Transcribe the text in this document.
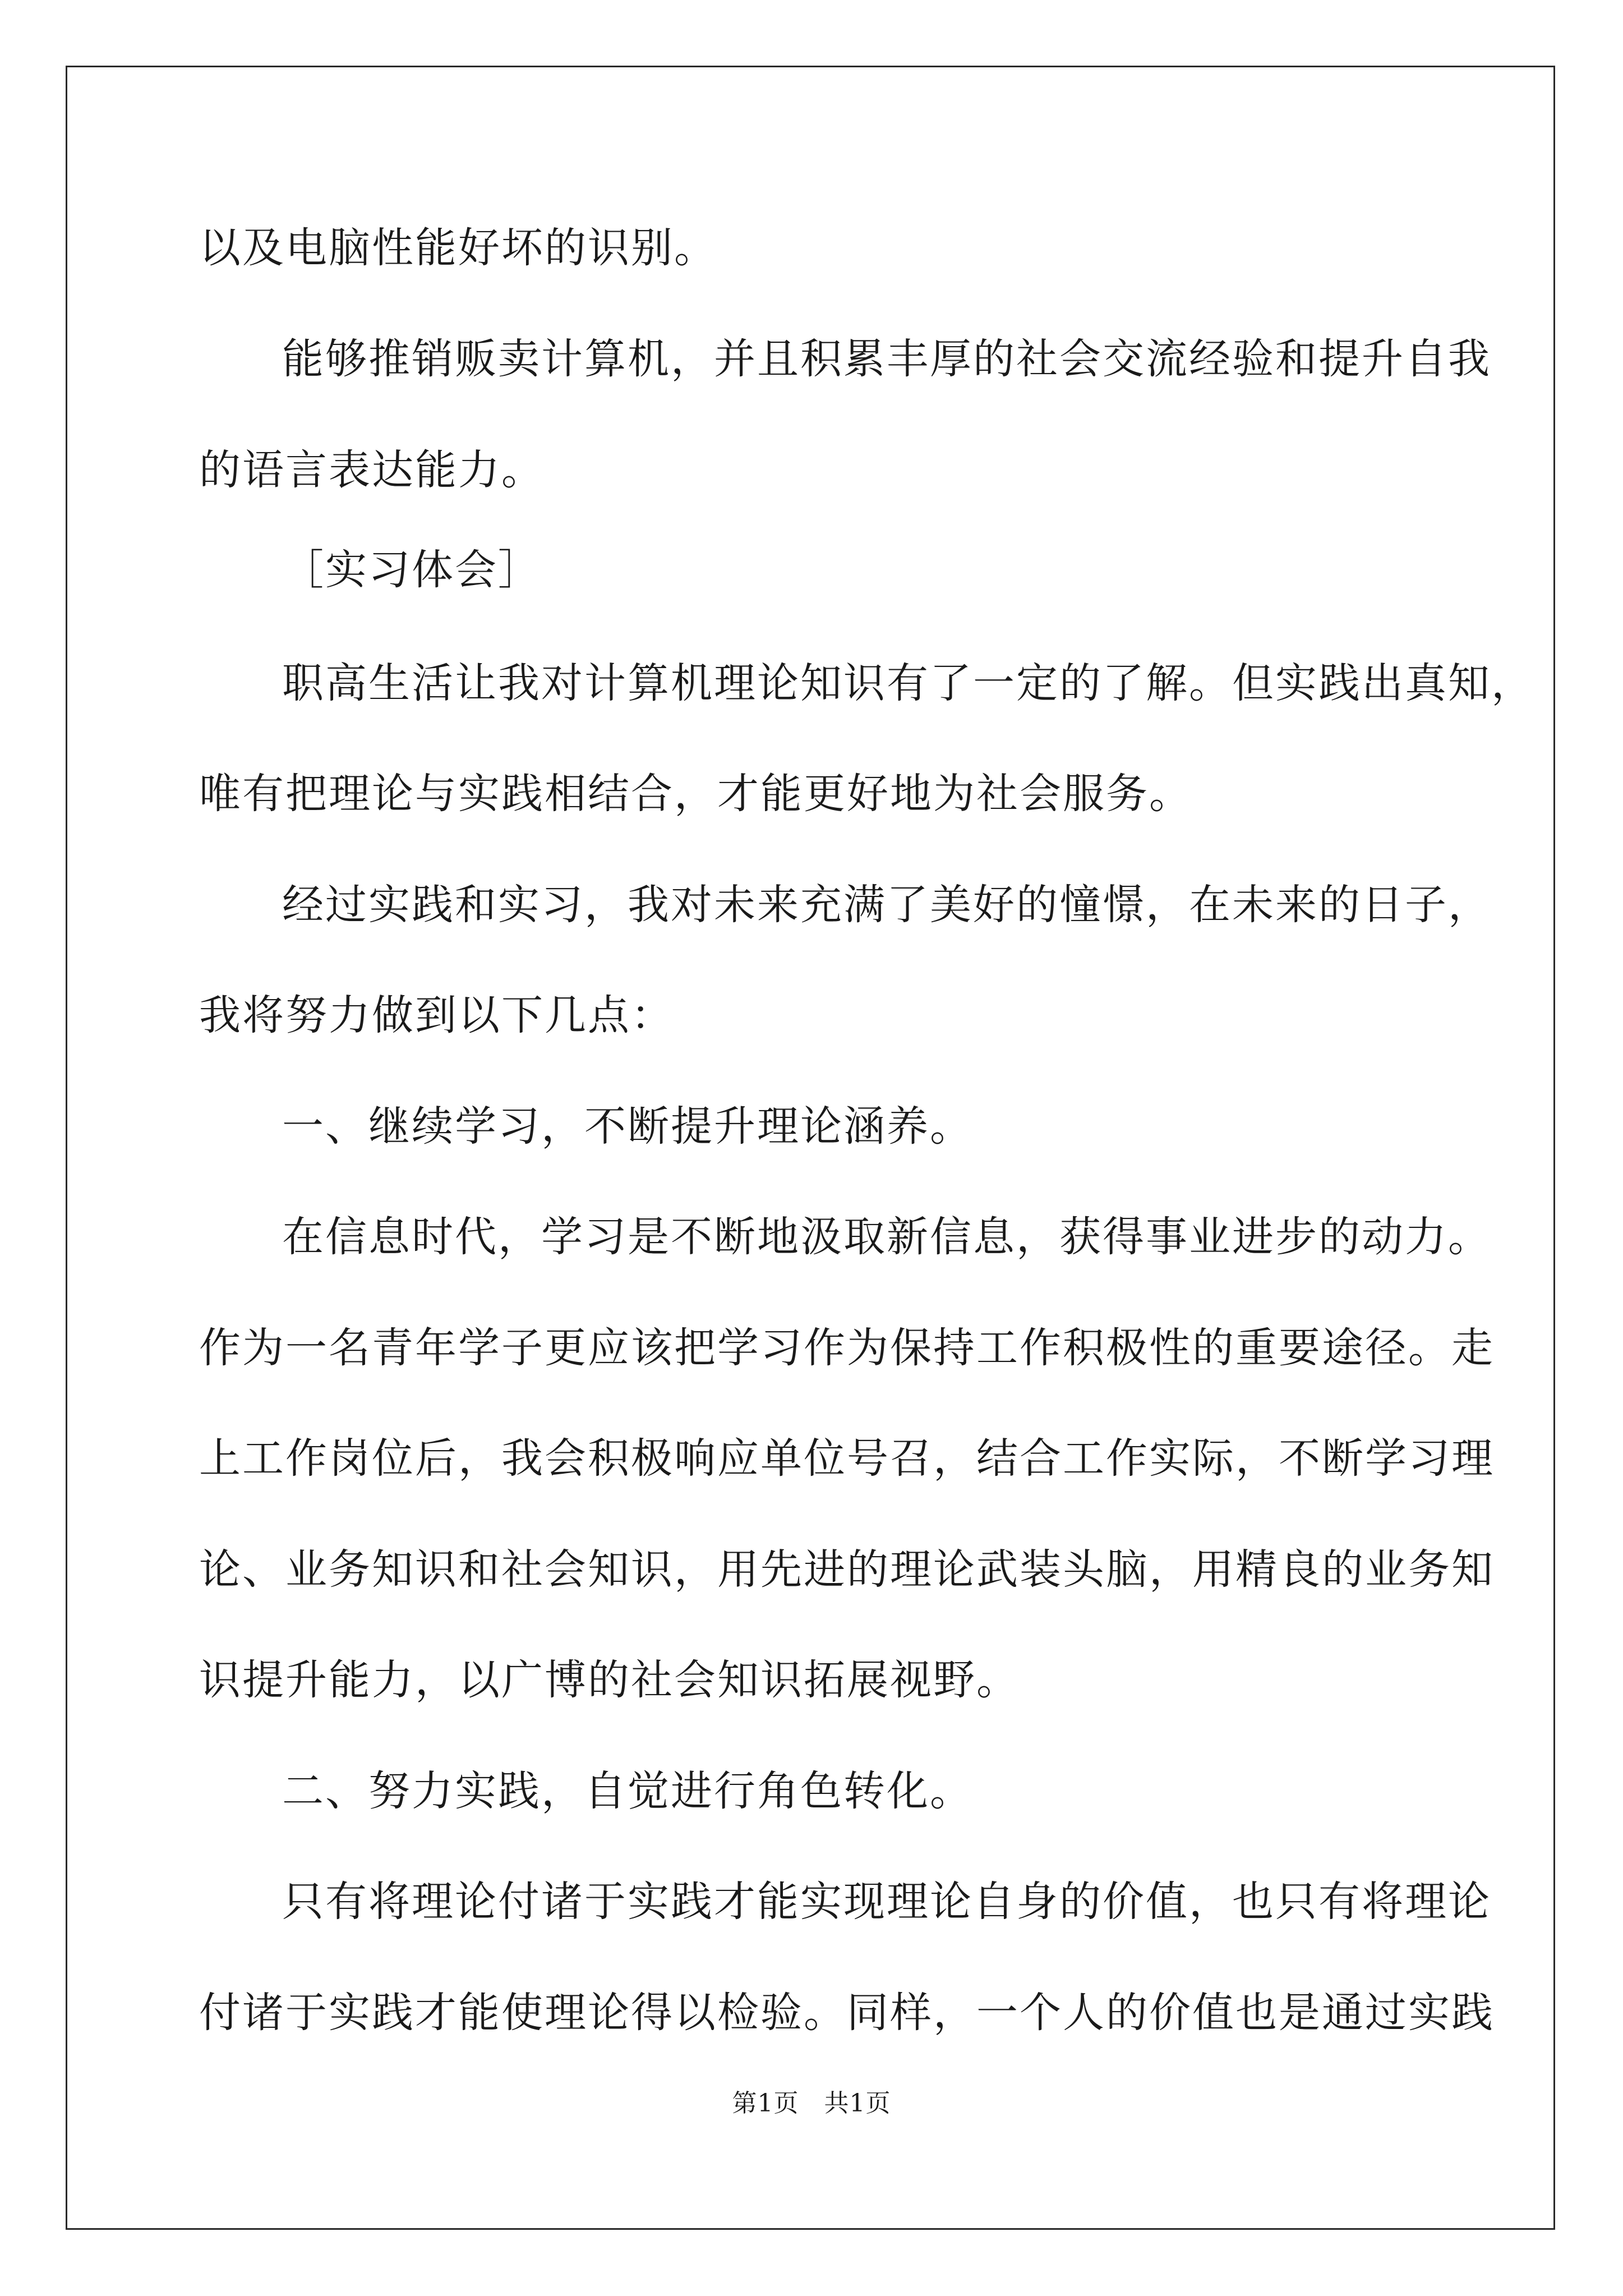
以及电脑性能好坏的识别。
能够推销贩卖计算机，并且积累丰厚的社会交流经验和提升自我
的语言表达能力。
［实习体会］
职高生活让我对计算机理论知识有了一定的了解。但实践出真知，
唯有把理论与实践相结合，才能更好地为社会服务。
经过实践和实习，我对未来充满了美好的憧憬，在未来的日子，
我将努力做到以下几点：
一、继续学习，不断提升理论涵养。
在信息时代，学习是不断地汲取新信息，获得事业进步的动力。
作为一名青年学子更应该把学习作为保持工作积极性的重要途径。走
上工作岗位后，我会积极响应单位号召，结合工作实际，不断学习理
论、业务知识和社会知识，用先进的理论武装头脑，用精良的业务知
识提升能力，以广博的社会知识拓展视野。
二、努力实践，自觉进行角色转化。
只有将理论付诸于实践才能实现理论自身的价值，也只有将理论
付诸于实践才能使理论得以检验。同样，一个人的价值也是通过实践
第1页　共1页
